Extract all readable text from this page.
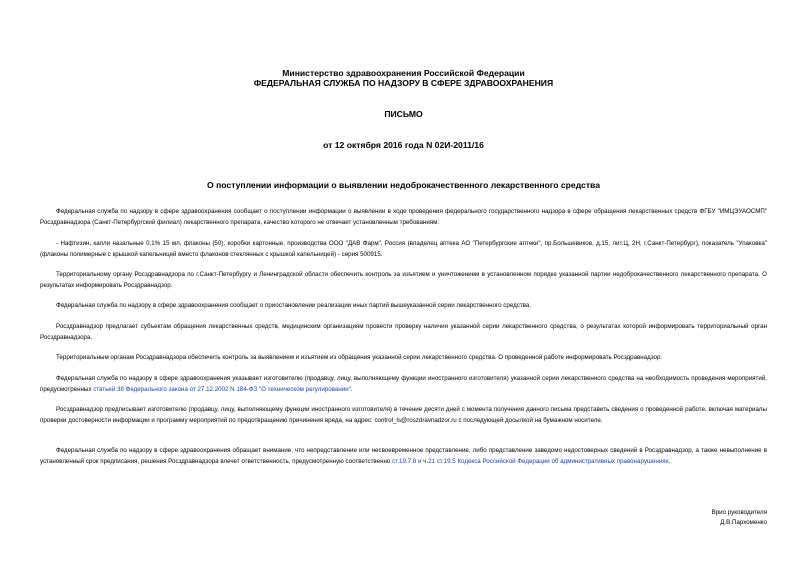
Министерство здравоохранения Российской Федерации
ФЕДЕРАЛЬНАЯ СЛУЖБА ПО НАДЗОРУ В СФЕРЕ ЗДРАВООХРАНЕНИЯ
ПИСЬМО
от 12 октября 2016 года N 02И-2011/16
О поступлении информации о выявлении недоброкачественного лекарственного средства

Федеральная служба по надзору в сфере здравоохранения сообщает о поступлении информации о выявлении в ходе проведения федерального государственного надзора в сфере обращения лекарственных средств ФГБУ "ИМЦЭУАОСМП" Росздравнадзора (Санкт-Петербургский филиал) лекарственного препарата, качество которого не отвечает установленным требованиям:

- Нафтизин, капли назальные 0,1% 15 мл, флаконы (50), коробки картонные, производства ООО "ДАВ Фарм", Россия (владелец аптека АО "Петербургские аптеки", пр.Большевиков, д.15, лит.Ц, 2Н, г.Санкт-Петербург), показатель "Упаковка" (флаконы полимерные с крышкой капельницей вместо флаконов стеклянных с крышкой капельницей) - серия 500915.

Территориальному органу Росздравнадзора по г.Санкт-Петербургу и Ленинградской области обеспечить контроль за изъятием и уничтожением в установленном порядке указанной партии недоброкачественного лекарственного препарата. О результатах информировать Росздравнадзор.

Федеральная служба по надзору в сфере здравоохранения сообщает о приостановлении реализации иных партий вышеуказанной серии лекарственного средства.

Росздравнадзор предлагает субъектам обращения лекарственных средств, медицинским организациям провести проверку наличия указанной серии лекарственного средства, о результатах которой информировать территориальный орган Росздравнадзора.

Территориальным органам Росздравнадзора обеспечить контроль за выявлением и изъятием из обращения указанной серии лекарственного средства. О проведенной работе информировать Росздравнадзор.

Федеральная служба по надзору в сфере здравоохранения указывает изготовителю (продавцу, лицу, выполняющему функции иностранного изготовителя) указанной серии лекарственного средства на необходимость проведения мероприятий, предусмотренных статьей 38 Федерального закона от 27.12.2002 N 184-ФЗ "О техническом регулировании".

Росздравнадзор предписывает изготовителю (продавцу, лицу, выполняющему функции иностранного изготовителя) в течение десяти дней с момента получения данного письма представить сведения о проведенной работе, включая материалы проверки достоверности информации и программу мероприятий по предотвращению причинения вреда, на адрес: control_ls@roszdravnadzor.ru с последующей досылкой на бумажном носителе.

Федеральная служба по надзору в сфере здравоохранения обращает внимание, что непредставление или несвоевременное представление, либо представление заведомо недостоверных сведений в Росздравнадзор, а также невыполнение в установленный срок предписания, решения Росздравнадзора влечет ответственность, предусмотренную соответственно ст.19.7.8 и ч.21 ст.19.5 Кодекса Российской Федерации об административных правонарушениях.

Врио руководителя
Д.В.Пархоменко
